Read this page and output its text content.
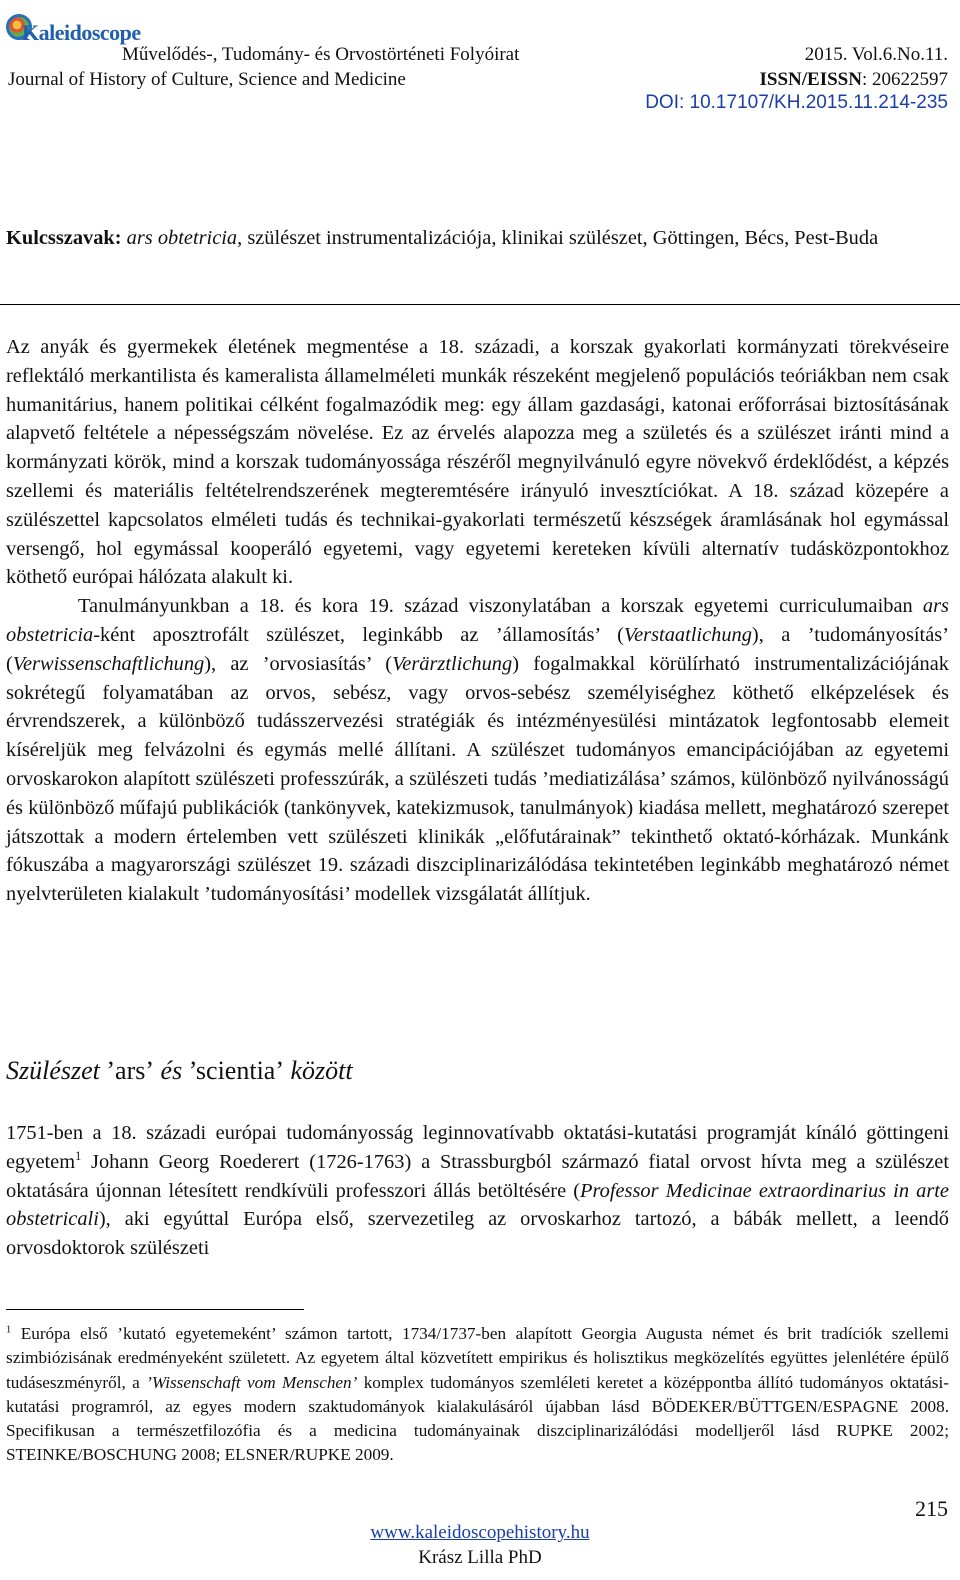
Kaleidoscope
Művelődés-, Tudomány- és Orvostörténeti Folyóirat
Journal of History of Culture, Science and Medicine
2015. Vol.6.No.11.
ISSN/EISSN: 20622597
DOI: 10.17107/KH.2015.11.214-235
Kulcsszavak: ars obtetricia, szülészet instrumentalizációja, klinikai szülészet, Göttingen, Bécs, Pest-Buda
Az anyák és gyermekek életének megmentése a 18. századi, a korszak gyakorlati kormányzati törekvéseire reflektáló merkantilista és kameralista államelméleti munkák részeként megjelenő populációs teóriákban nem csak humanitárius, hanem politikai célként fogalmazódik meg: egy állam gazdasági, katonai erőforrásai biztosításának alapvető feltétele a népességszám növelése. Ez az érvelés alapozza meg a születés és a szülészet iránti mind a kormányzati körök, mind a korszak tudományossága részéről megnyilvánuló egyre növekvő érdeklődést, a képzés szellemi és materiális feltételrendszerének megteremtésére irányuló invesztíciókat. A 18. század közepére a szülészettel kapcsolatos elméleti tudás és technikai-gyakorlati természetű készségek áramlásának hol egymással versengő, hol egymással kooperáló egyetemi, vagy egyetemi kereteken kívüli alternatív tudásközpontokhoz köthető európai hálózata alakult ki.
Tanulmányunkban a 18. és kora 19. század viszonylatában a korszak egyetemi curriculumaiban ars obstetricia-ként aposztrofált szülészet, leginkább az ’államosítás’ (Verstaatlichung), a ’tudományosítás’ (Verwissenschaftlichung), az ’orvosiasítás’ (Verärztlichung) fogalmakkal körülírható instrumentalizációjának sokrétegű folyamatában az orvos, sebész, vagy orvos-sebész személyiséghez köthető elképzelések és érvrendszerek, a különböző tudásszervezési stratégiák és intézményesülési mintázatok legfontosabb elemeit kíséreljük meg felvázolni és egymás mellé állítani. A szülészet tudományos emancipációjában az egyetemi orvoskarokon alapított szülészeti professzúrák, a szülészeti tudás ’mediatizálása’ számos, különböző nyilvánosságú és különböző műfajú publikációk (tankönyvek, katekizmusok, tanulmányok) kiadása mellett, meghatározó szerepet játszottak a modern értelemben vett szülészeti klinikák „előfutárainak” tekinthető oktató-kórházak. Munkánk fókuszába a magyarországi szülészet 19. századi diszciplinarizálódása tekintetében leginkább meghatározó német nyelvterületen kialakult ’tudományosítási’ modellek vizsgálatát állítjuk.
Szülészet ’ars’ és ’scientia’ között
1751-ben a 18. századi európai tudományosság leginnovatívabb oktatási-kutatási programját kínáló göttingeni egyetem$^1$ Johann Georg Roederert (1726-1763) a Strassburgból származó fiatal orvost hívta meg a szülészet oktatására újonnan létesített rendkívüli professzori állás betöltésére (Professor Medicinae extraordinarius in arte obstetricali), aki egyúttal Európa első, szervezetileg az orvoskarhoz tartozó, a bábák mellett, a leendő orvosdoktorok szülészeti
$^1$ Európa első ’kutató egyetemeként’ számon tartott, 1734/1737-ben alapított Georgia Augusta német és brit tradíciók szellemi szimbiózisának eredményeként született. Az egyetem által közvetített empirikus és holisztikus megközelítés együttes jelenlétére épülő tudáseszményről, a ’Wissenschaft vom Menschen’ komplex tudományos szemléleti keretet a középpontba állító tudományos oktatási-kutatási programról, az egyes modern szaktudományok kialakulásáról újabban lásd BÖDEKER/BÜTTGEN/ESPAGNE 2008. Specifikusan a természetfilozófia és a medicina tudományainak diszciplinarizálódási modelljeről lásd RUPKE 2002; STEINKE/BOSCHUNG 2008; ELSNER/RUPKE 2009.
215
www.kaleidoscopehistory.hu
Krász Lilla PhD
